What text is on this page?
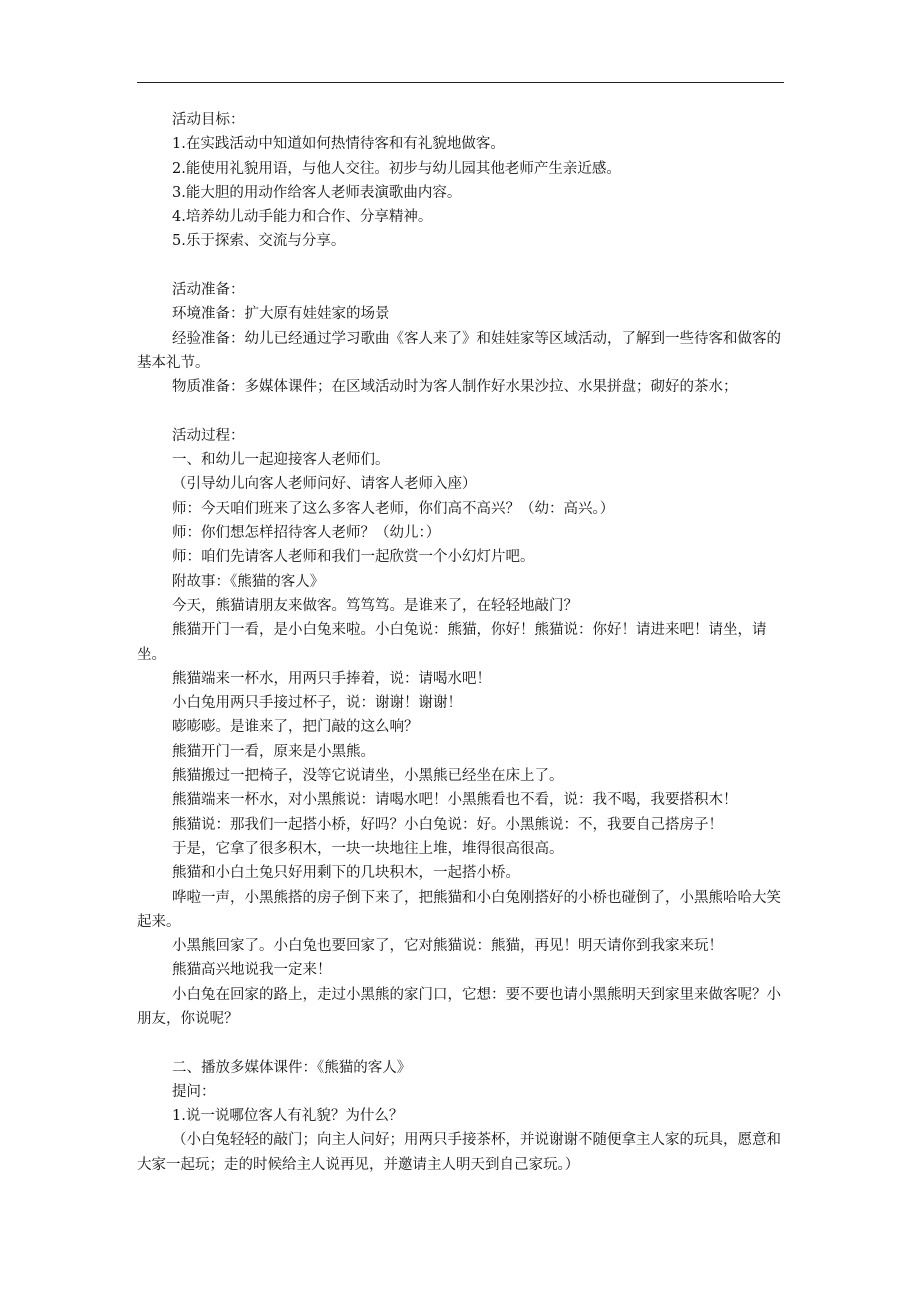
活动目标：

1.在实践活动中知道如何热情待客和有礼貌地做客。

2.能使用礼貌用语，与他人交往。初步与幼儿园其他老师产生亲近感。

3.能大胆的用动作给客人老师表演歌曲内容。

4.培养幼儿动手能力和合作、分享精神。

5.乐于探索、交流与分享。

活动准备：

环境准备：扩大原有娃娃家的场景

经验准备：幼儿已经通过学习歌曲《客人来了》和娃娃家等区域活动，了解到一些待客和做客的基本礼节。

物质准备：多媒体课件；在区域活动时为客人制作好水果沙拉、水果拼盘；砌好的茶水；

活动过程：

一、和幼儿一起迎接客人老师们。

（引导幼儿向客人老师问好、请客人老师入座）

师：今天咱们班来了这么多客人老师，你们高不高兴？（幼：高兴。）

师：你们想怎样招待客人老师？（幼儿：）

师：咱们先请客人老师和我们一起欣赏一个小幻灯片吧。

附故事：《熊猫的客人》

今天，熊猫请朋友来做客。笃笃笃。是谁来了，在轻轻地敲门？

熊猫开门一看，是小白兔来啦。小白兔说：熊猫，你好！熊猫说：你好！请进来吧！请坐，请坐。

熊猫端来一杯水，用两只手捧着，说：请喝水吧！

小白兔用两只手接过杯子，说：谢谢！谢谢！

嘭嘭嘭。是谁来了，把门敲的这么响？

熊猫开门一看，原来是小黑熊。

熊猫搬过一把椅子，没等它说请坐，小黑熊已经坐在床上了。

熊猫端来一杯水，对小黑熊说：请喝水吧！小黑熊看也不看，说：我不喝，我要搭积木！

熊猫说：那我们一起搭小桥，好吗？小白兔说：好。小黑熊说：不，我要自己搭房子！

于是，它拿了很多积木，一块一块地往上堆，堆得很高很高。

熊猫和小白土兔只好用剩下的几块积木，一起搭小桥。

哗啦一声，小黑熊搭的房子倒下来了，把熊猫和小白兔刚搭好的小桥也碰倒了，小黑熊哈哈大笑起来。

小黑熊回家了。小白兔也要回家了，它对熊猫说：熊猫，再见！明天请你到我家来玩！

熊猫高兴地说我一定来！

小白兔在回家的路上，走过小黑熊的家门口，它想：要不要也请小黑熊明天到家里来做客呢？小朋友，你说呢？

二、播放多媒体课件：《熊猫的客人》

提问：

1.说一说哪位客人有礼貌？为什么？

（小白兔轻轻的敲门；向主人问好；用两只手接茶杯，并说谢谢不随便拿主人家的玩具，愿意和大家一起玩；走的时候给主人说再见，并邀请主人明天到自己家玩。）
